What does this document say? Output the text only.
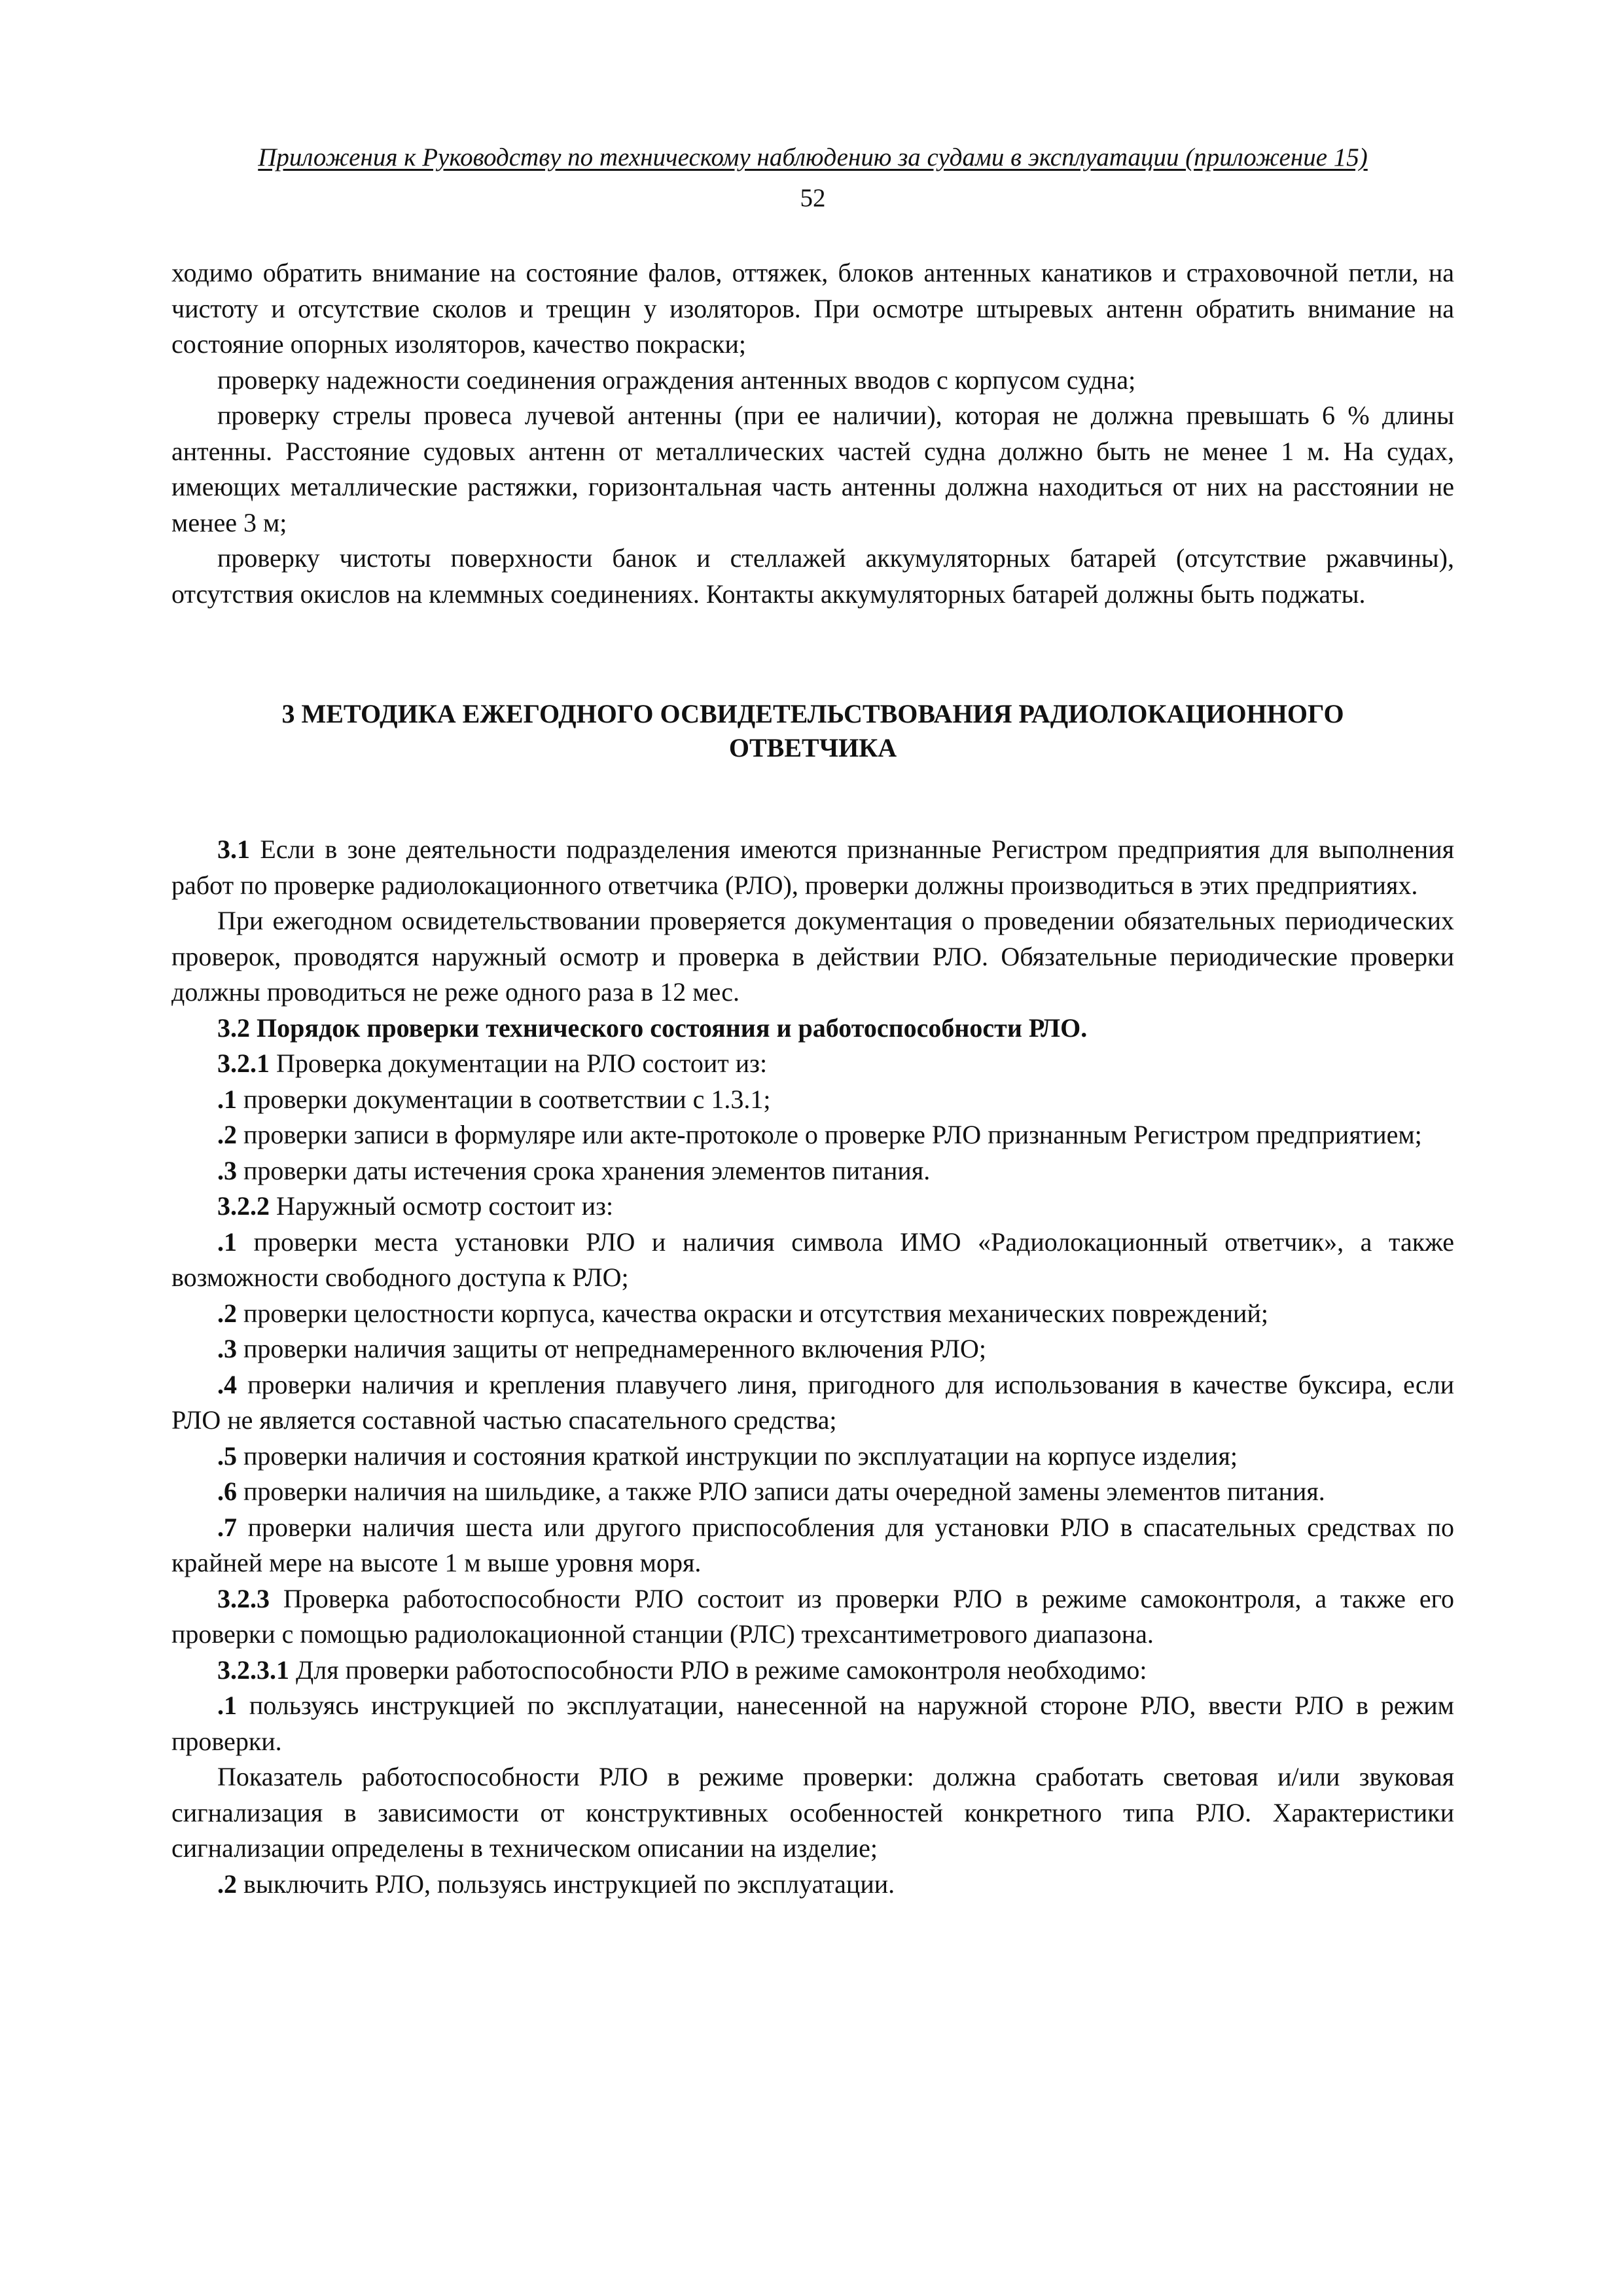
Приложения к Руководству по техническому наблюдению за судами в эксплуатации (приложение 15)
52

ходимо обратить внимание на состояние фалов, оттяжек, блоков антенных канатиков и страховочной петли, на чистоту и отсутствие сколов и трещин у изоляторов. При осмотре штыревых антенн обратить внимание на состояние опорных изоляторов, качество покраски;

проверку надежности соединения ограждения антенных вводов с корпусом судна;

проверку стрелы провеса лучевой антенны (при ее наличии), которая не должна превышать 6 % длины антенны. Расстояние судовых антенн от металлических частей судна должно быть не менее 1 м. На судах, имеющих металлические растяжки, горизонтальная часть антенны должна находиться от них на расстоянии не менее 3 м;

проверку чистоты поверхности банок и стеллажей аккумуляторных батарей (отсутствие ржавчины), отсутствия окислов на клеммных соединениях. Контакты аккумуляторных батарей должны быть поджаты.

3 МЕТОДИКА ЕЖЕГОДНОГО ОСВИДЕТЕЛЬСТВОВАНИЯ РАДИОЛОКАЦИОННОГО
ОТВЕТЧИКА

3.1 Если в зоне деятельности подразделения имеются признанные Регистром предприятия для выполнения работ по проверке радиолокационного ответчика (РЛО), проверки должны производиться в этих предприятиях.

При ежегодном освидетельствовании проверяется документация о проведении обязательных периодических проверок, проводятся наружный осмотр и проверка в действии РЛО. Обязательные периодические проверки должны проводиться не реже одного раза в 12 мес.

3.2 Порядок проверки технического состояния и работоспособности РЛО.

3.2.1 Проверка документации на РЛО состоит из:

.1 проверки документации в соответствии с 1.3.1;

.2 проверки записи в формуляре или акте-протоколе о проверке РЛО признанным Регистром предприятием;

.3 проверки даты истечения срока хранения элементов питания.

3.2.2 Наружный осмотр состоит из:

.1 проверки места установки РЛО и наличия символа ИМО «Радиолокационный ответчик», а также возможности свободного доступа к РЛО;

.2 проверки целостности корпуса, качества окраски и отсутствия механических повреждений;

.3 проверки наличия защиты от непреднамеренного включения РЛО;

.4 проверки наличия и крепления плавучего линя, пригодного для использования в качестве буксира, если РЛО не является составной частью спасательного средства;

.5 проверки наличия и состояния краткой инструкции по эксплуатации на корпусе изделия;

.6 проверки наличия на шильдике, а также РЛО записи даты очередной замены элементов питания.

.7 проверки наличия шеста или другого приспособления для установки РЛО в спасательных средствах по крайней мере на высоте 1 м выше уровня моря.

3.2.3 Проверка работоспособности РЛО состоит из проверки РЛО в режиме самоконтроля, а также его проверки с помощью радиолокационной станции (РЛС) трехсантиметрового диапазона.

3.2.3.1 Для проверки работоспособности РЛО в режиме самоконтроля необходимо:

.1 пользуясь инструкцией по эксплуатации, нанесенной на наружной стороне РЛО, ввести РЛО в режим проверки.

Показатель работоспособности РЛО в режиме проверки: должна сработать световая и/или звуковая сигнализация в зависимости от конструктивных особенностей конкретного типа РЛО. Характеристики сигнализации определены в техническом описании на изделие;

.2 выключить РЛО, пользуясь инструкцией по эксплуатации.
